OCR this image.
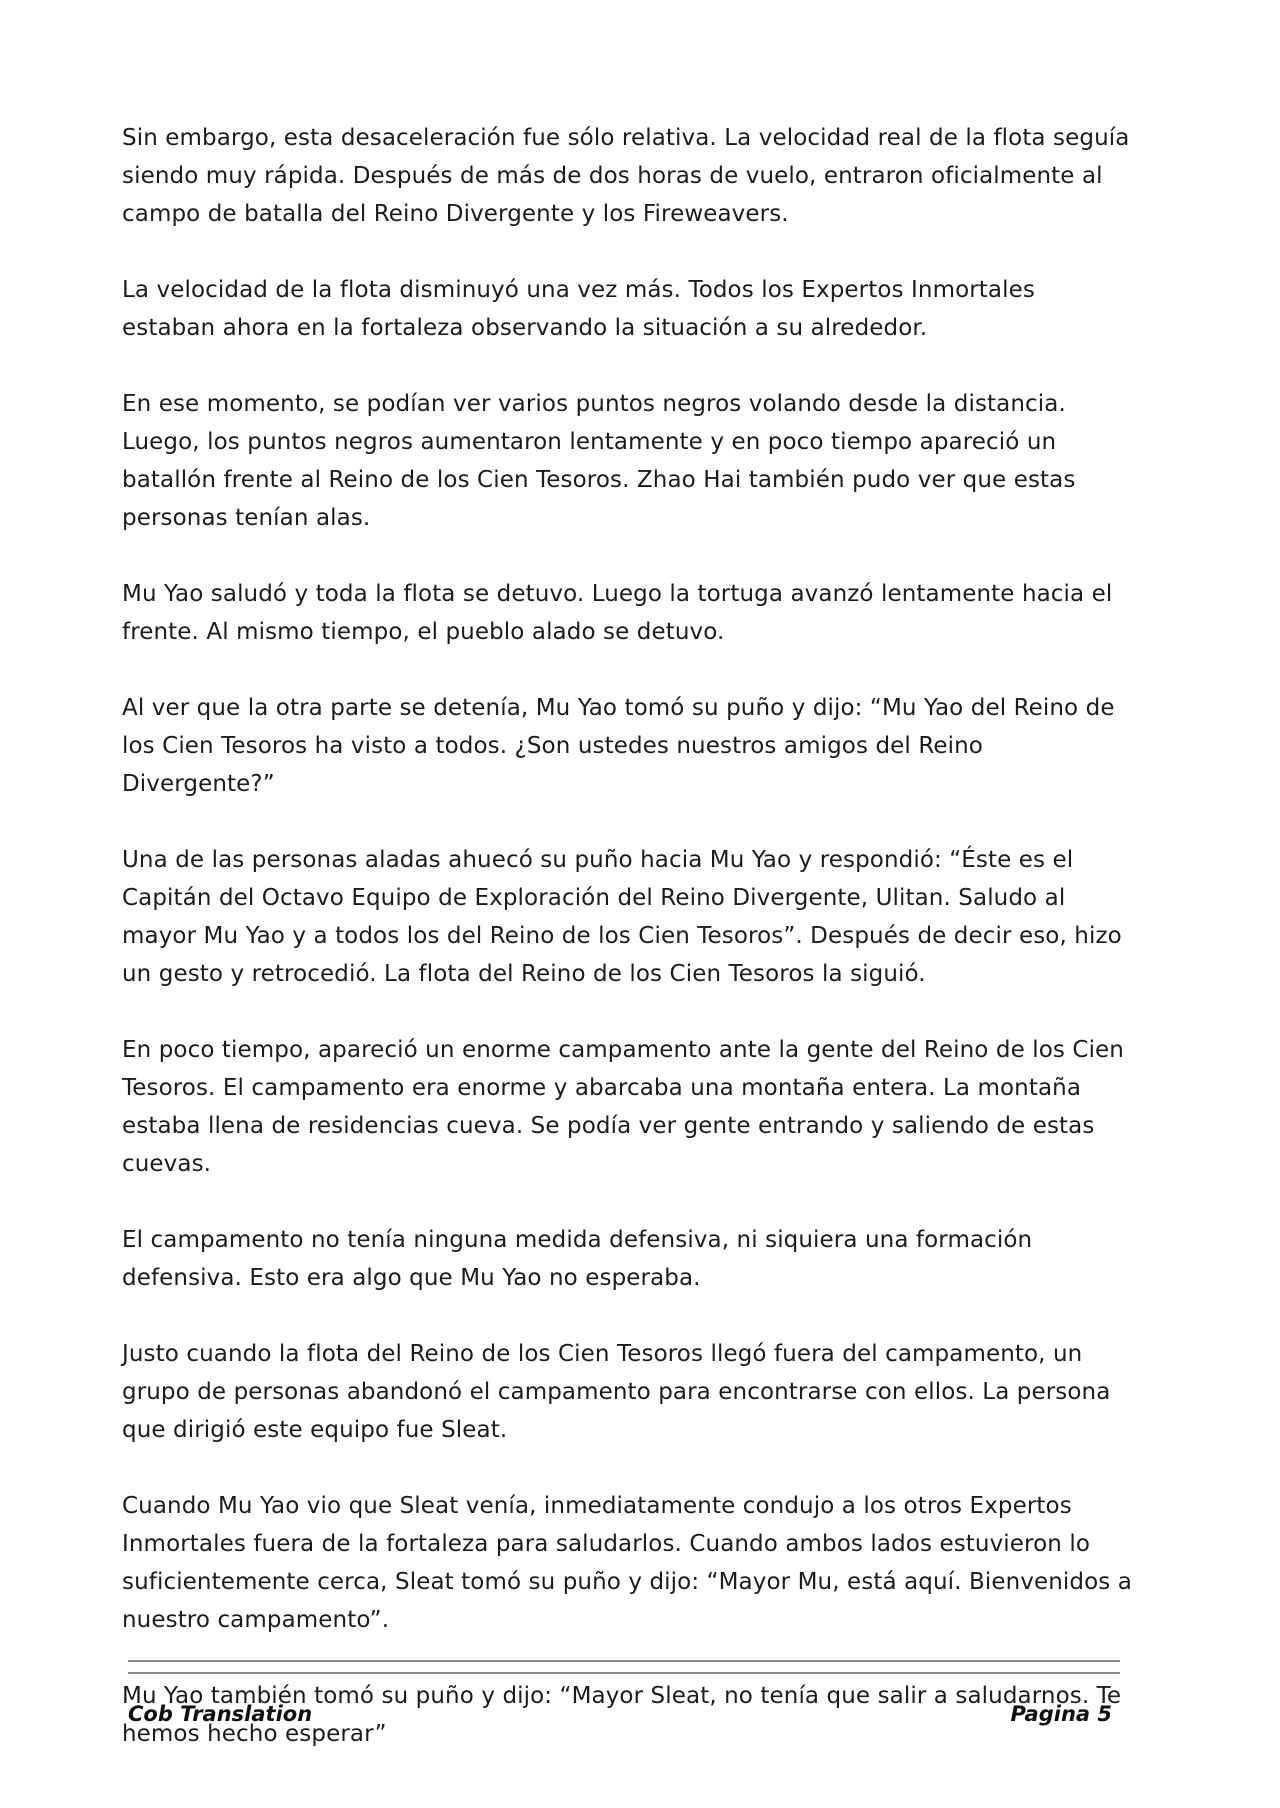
Sin embargo, esta desaceleración fue sólo relativa. La velocidad real de la flota seguía siendo muy rápida. Después de más de dos horas de vuelo, entraron oficialmente al campo de batalla del Reino Divergente y los Fireweavers.

La velocidad de la flota disminuyó una vez más. Todos los Expertos Inmortales estaban ahora en la fortaleza observando la situación a su alrededor.

En ese momento, se podían ver varios puntos negros volando desde la distancia. Luego, los puntos negros aumentaron lentamente y en poco tiempo apareció un batallón frente al Reino de los Cien Tesoros. Zhao Hai también pudo ver que estas personas tenían alas.

Mu Yao saludó y toda la flota se detuvo. Luego la tortuga avanzó lentamente hacia el frente. Al mismo tiempo, el pueblo alado se detuvo.

Al ver que la otra parte se detenía, Mu Yao tomó su puño y dijo: “Mu Yao del Reino de los Cien Tesoros ha visto a todos. ¿Son ustedes nuestros amigos del Reino Divergente?”

Una de las personas aladas ahuecó su puño hacia Mu Yao y respondió: “Éste es el Capitán del Octavo Equipo de Exploración del Reino Divergente, Ulitan. Saludo al mayor Mu Yao y a todos los del Reino de los Cien Tesoros”. Después de decir eso, hizo un gesto y retrocedió. La flota del Reino de los Cien Tesoros la siguió.

En poco tiempo, apareció un enorme campamento ante la gente del Reino de los Cien Tesoros. El campamento era enorme y abarcaba una montaña entera. La montaña estaba llena de residencias cueva. Se podía ver gente entrando y saliendo de estas cuevas.

El campamento no tenía ninguna medida defensiva, ni siquiera una formación defensiva. Esto era algo que Mu Yao no esperaba.

Justo cuando la flota del Reino de los Cien Tesoros llegó fuera del campamento, un grupo de personas abandonó el campamento para encontrarse con ellos. La persona que dirigió este equipo fue Sleat.

Cuando Mu Yao vio que Sleat venía, inmediatamente condujo a los otros Expertos Inmortales fuera de la fortaleza para saludarlos. Cuando ambos lados estuvieron lo suficientemente cerca, Sleat tomó su puño y dijo: “Mayor Mu, está aquí. Bienvenidos a nuestro campamento”.

Mu Yao también tomó su puño y dijo: “Mayor Sleat, no tenía que salir a saludarnos. Te hemos hecho esperar”

Cob Translation	Pagina 5
